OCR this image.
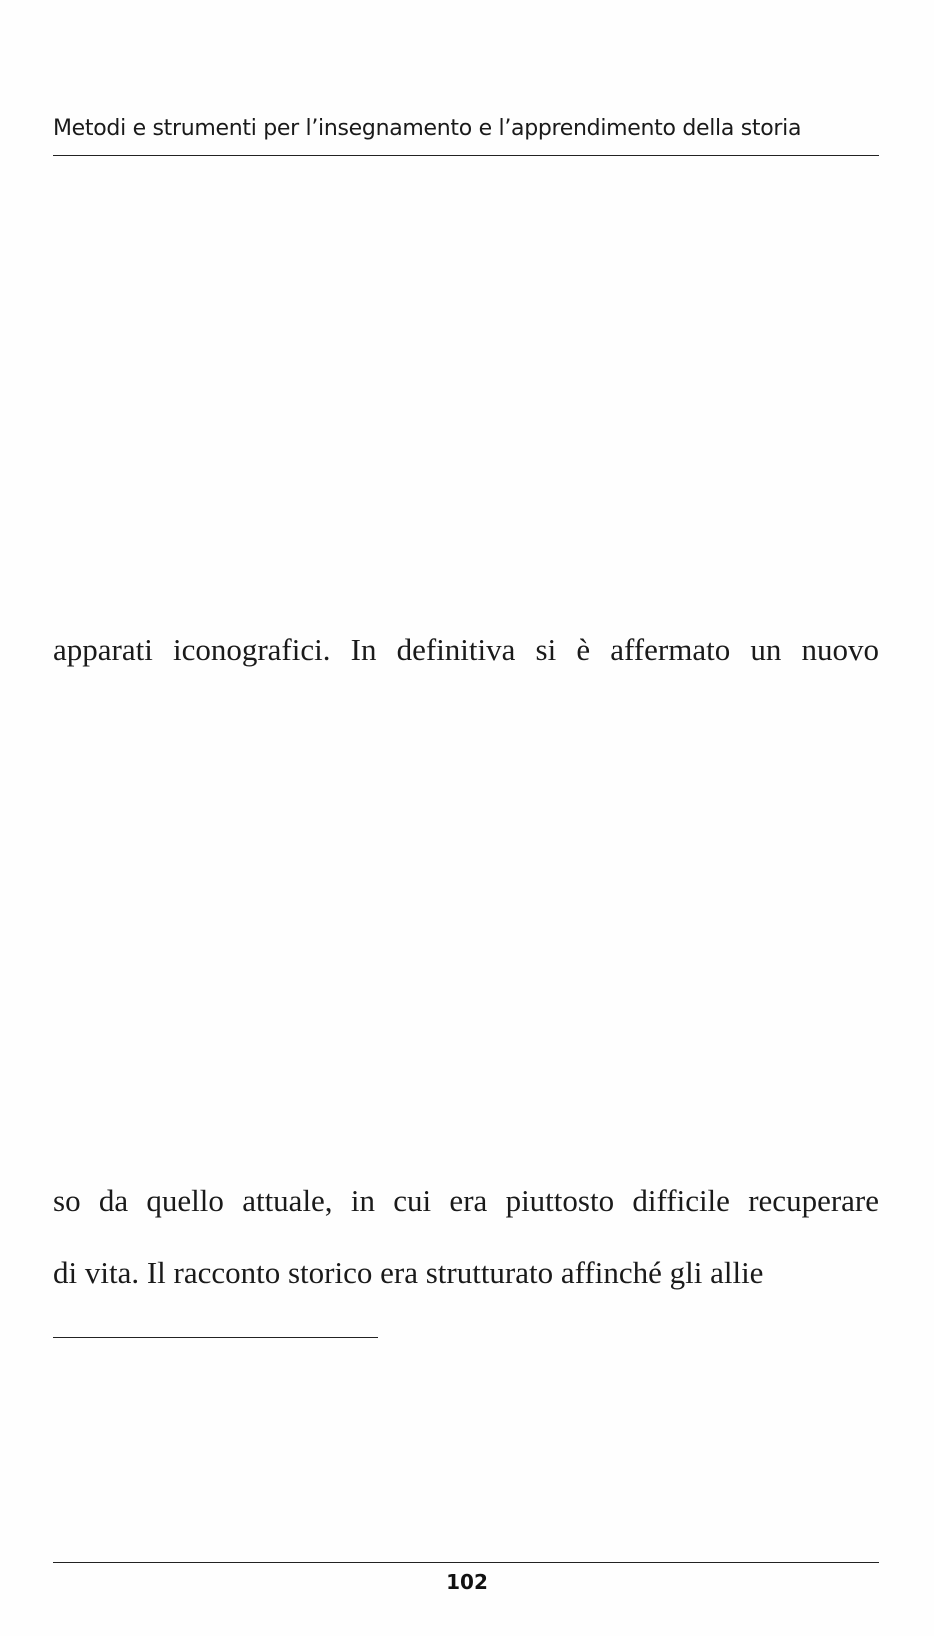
Metodi e strumenti per l’insegnamento e l’apprendimento della storia
apparati iconografici. In definitiva si è affermato un nuovo
so da quello attuale, in cui era piuttosto difficile recuperare
di vita. Il racconto storico era strutturato affinché gli allie
102
